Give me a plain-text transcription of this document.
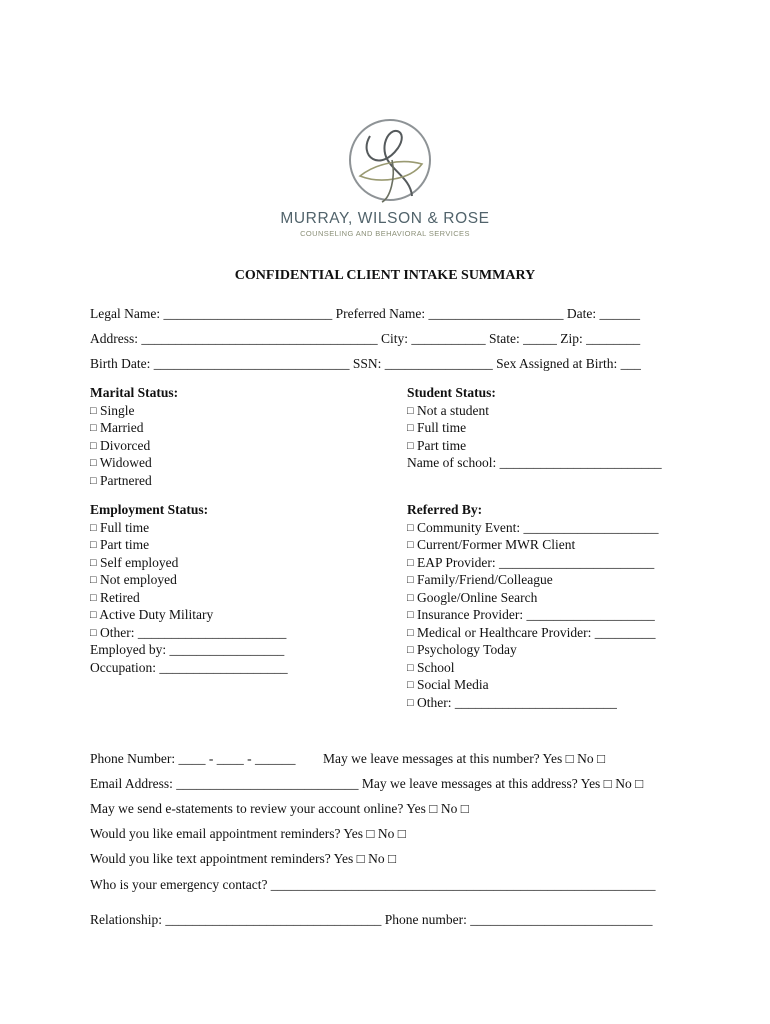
MURRAY, WILSON & ROSE
COUNSELING AND BEHAVIORAL SERVICES
CONFIDENTIAL CLIENT INTAKE SUMMARY
Legal Name: _________________________ Preferred Name: ____________________ Date: ______
Address: ___________________________________ City: ___________ State: _____ Zip: ________
Birth Date: _____________________________ SSN: ________________ Sex Assigned at Birth: ___
Marital Status:
□ Single
□ Married
□ Divorced
□ Widowed
□ Partnered
Student Status:
□ Not a student
□ Full time
□ Part time
Name of school: ________________________
Employment Status:
□ Full time
□ Part time
□ Self employed
□ Not employed
□ Retired
□ Active Duty Military
□ Other: ______________________
Employed by: _________________
Occupation: ___________________
Referred By:
□ Community Event: ____________________
□ Current/Former MWR Client
□ EAP Provider: _______________________
□ Family/Friend/Colleague
□ Google/Online Search
□ Insurance Provider: ___________________
□ Medical or Healthcare Provider: _________
□ Psychology Today
□ School
□ Social Media
□ Other: ________________________
Phone Number: ____ - ____ - ______ May we leave messages at this number? Yes □ No □
Email Address: ___________________________ May we leave messages at this address? Yes □ No □
May we send e-statements to review your account online? Yes □ No □
Would you like email appointment reminders? Yes □ No □
Would you like text appointment reminders? Yes □ No □
Who is your emergency contact? _________________________________________________________
Relationship: ________________________________ Phone number: ___________________________
